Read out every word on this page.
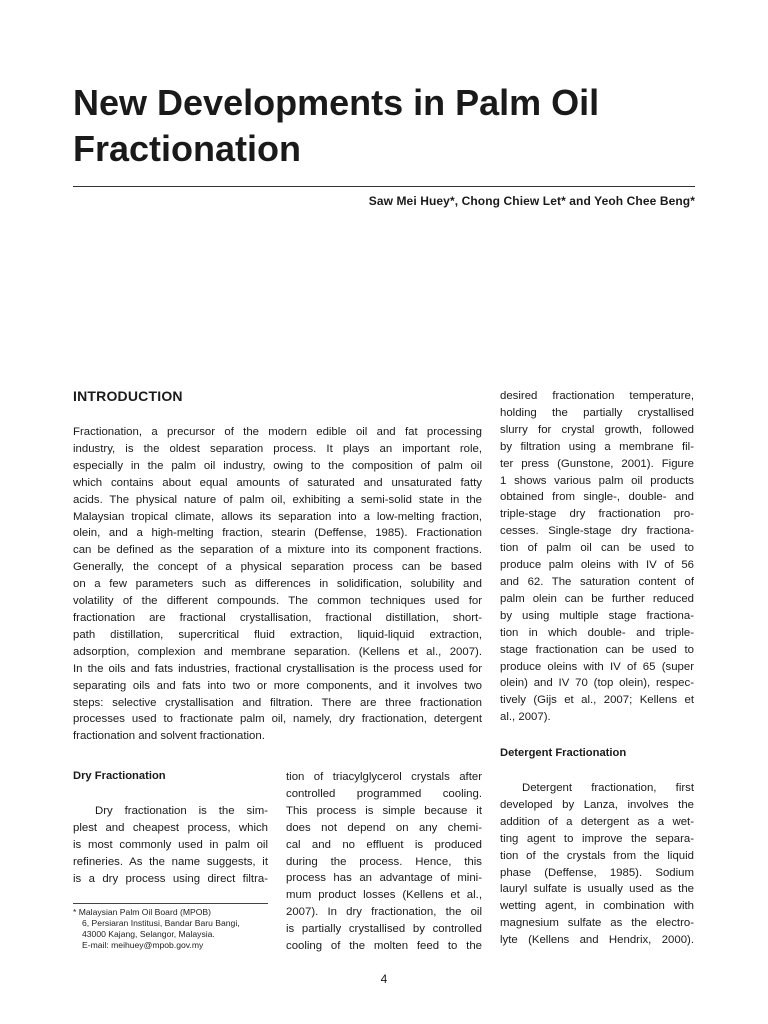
New Developments in Palm Oil
Fractionation
Saw Mei Huey*, Chong Chiew Let* and Yeoh Chee Beng*
INTRODUCTION
Fractionation, a precursor of the modern edible oil and fat processing
industry, is the oldest separation process. It plays an important role,
especially in the palm oil industry, owing to the composition of palm oil
which contains about equal amounts of saturated and unsaturated fatty
acids. The physical nature of palm oil, exhibiting a semi-solid state in the
Malaysian tropical climate, allows its separation into a low-melting fraction,
olein, and a high-melting fraction, stearin (Deffense, 1985). Fractionation
can be defined as the separation of a mixture into its component fractions.
Generally, the concept of a physical separation process can be based
on a few parameters such as differences in solidification, solubility and
volatility of the different compounds. The common techniques used for
fractionation are fractional crystallisation, fractional distillation, short-
path distillation, supercritical fluid extraction, liquid-liquid extraction,
adsorption, complexion and membrane separation. (Kellens et al., 2007).
In the oils and fats industries, fractional crystallisation is the process used for
separating oils and fats into two or more components, and it involves two
steps: selective crystallisation and filtration. There are three fractionation
processes used to fractionate palm oil, namely, dry fractionation, detergent
fractionation and solvent fractionation.
Dry Fractionation
Dry fractionation is the sim-
plest and cheapest process, which
is most commonly used in palm oil
refineries. As the name suggests, it
is a dry process using direct filtra-
tion of triacylglycerol crystals after
controlled programmed cooling.
This process is simple because it
does not depend on any chemi-
cal and no effluent is produced
during the process. Hence, this
process has an advantage of mini-
mum product losses (Kellens et al.,
2007). In dry fractionation, the oil
is partially crystallised by controlled
cooling of the molten feed to the
desired fractionation temperature,
holding the partially crystallised
slurry for crystal growth, followed
by filtration using a membrane fil-
ter press (Gunstone, 2001). Figure
1 shows various palm oil products
obtained from single-, double- and
triple-stage dry fractionation pro-
cesses. Single-stage dry fractiona-
tion of palm oil can be used to
produce palm oleins with IV of 56
and 62. The saturation content of
palm olein can be further reduced
by using multiple stage fractiona-
tion in which double- and triple-
stage fractionation can be used to
produce oleins with IV of 65 (super
olein) and IV 70 (top olein), respec-
tively (Gijs et al., 2007; Kellens et
al., 2007).
Detergent Fractionation
Detergent fractionation, first
developed by Lanza, involves the
addition of a detergent as a wet-
ting agent to improve the separa-
tion of the crystals from the liquid
phase (Deffense, 1985). Sodium
lauryl sulfate is usually used as the
wetting agent, in combination with
magnesium sulfate as the electro-
lyte (Kellens and Hendrix, 2000).
* Malaysian Palm Oil Board (MPOB)
6, Persiaran Institusi, Bandar Baru Bangi,
43000 Kajang, Selangor, Malaysia.
E-mail: meihuey@mpob.gov.my
4
